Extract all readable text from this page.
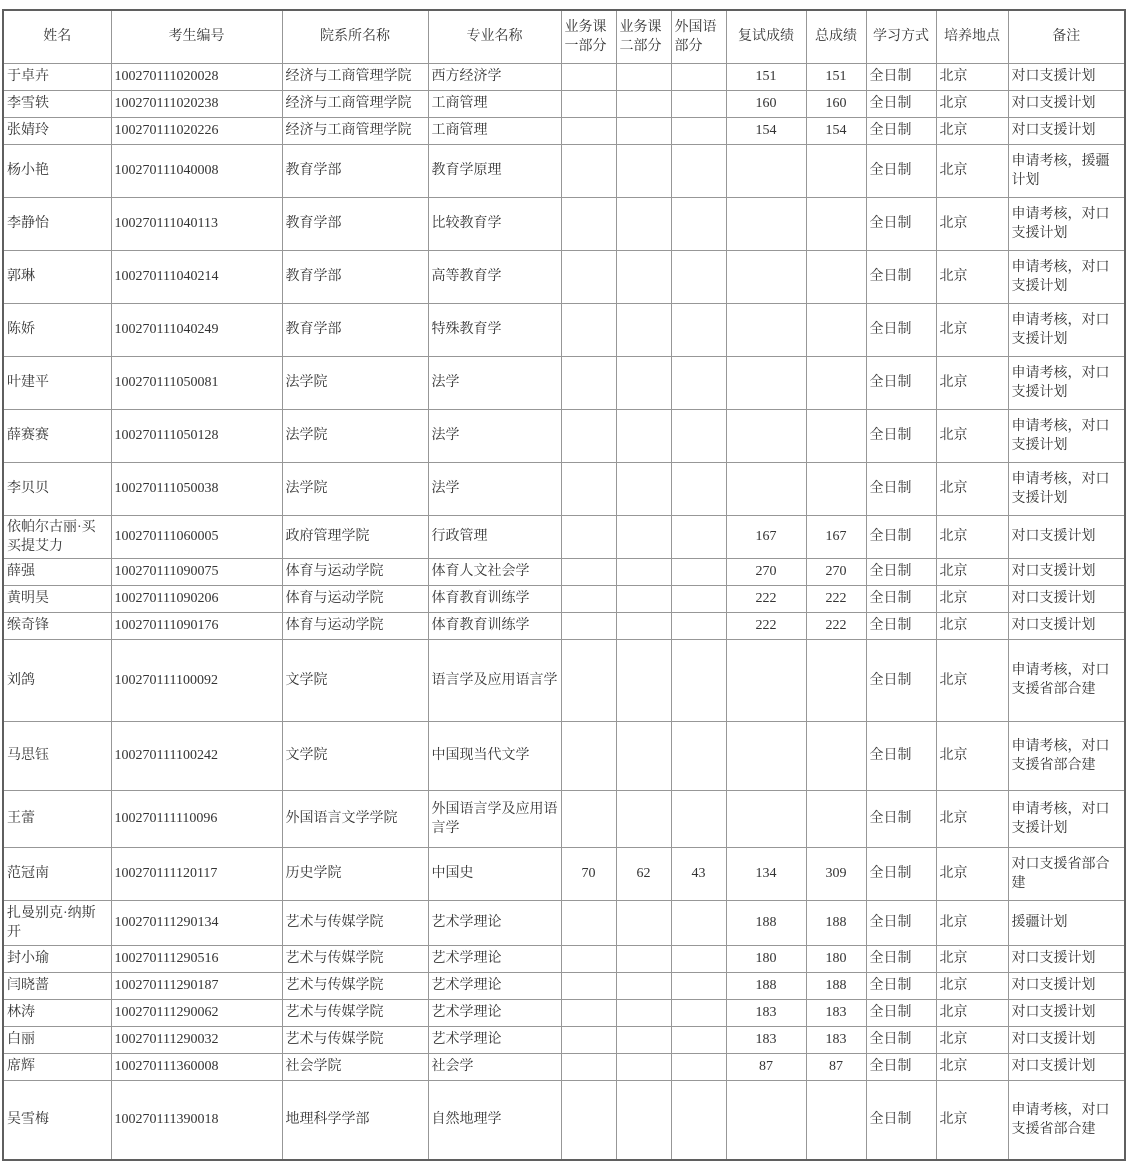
姓名	考生编号	院系所名称	专业名称	业务课一部分	业务课二部分	外国语部分	复试成绩	总成绩	学习方式	培养地点	备注
于卓卉	100270111020028	经济与工商管理学院	西方经济学				151	151	全日制	北京	对口支援计划
李雪轶	100270111020238	经济与工商管理学院	工商管理				160	160	全日制	北京	对口支援计划
张婧玲	100270111020226	经济与工商管理学院	工商管理				154	154	全日制	北京	对口支援计划
杨小艳	100270111040008	教育学部	教育学原理						全日制	北京	申请考核，援疆计划
李静怡	100270111040113	教育学部	比较教育学						全日制	北京	申请考核，对口支援计划
郭琳	100270111040214	教育学部	高等教育学						全日制	北京	申请考核，对口支援计划
陈娇	100270111040249	教育学部	特殊教育学						全日制	北京	申请考核，对口支援计划
叶建平	100270111050081	法学院	法学						全日制	北京	申请考核，对口支援计划
薛赛赛	100270111050128	法学院	法学						全日制	北京	申请考核，对口支援计划
李贝贝	100270111050038	法学院	法学						全日制	北京	申请考核，对口支援计划
依帕尔古丽·买买提艾力	100270111060005	政府管理学院	行政管理				167	167	全日制	北京	对口支援计划
薛强	100270111090075	体育与运动学院	体育人文社会学				270	270	全日制	北京	对口支援计划
黄明昊	100270111090206	体育与运动学院	体育教育训练学				222	222	全日制	北京	对口支援计划
缑奇锋	100270111090176	体育与运动学院	体育教育训练学				222	222	全日制	北京	对口支援计划
刘鸽	100270111100092	文学院	语言学及应用语言学						全日制	北京	申请考核，对口支援省部合建
马思钰	100270111100242	文学院	中国现当代文学						全日制	北京	申请考核，对口支援省部合建
王蕾	100270111110096	外国语言文学学院	外国语言学及应用语言学						全日制	北京	申请考核，对口支援计划
范冠南	100270111120117	历史学院	中国史	70	62	43	134	309	全日制	北京	对口支援省部合建
扎曼别克·纳斯开	100270111290134	艺术与传媒学院	艺术学理论				188	188	全日制	北京	援疆计划
封小瑜	100270111290516	艺术与传媒学院	艺术学理论				180	180	全日制	北京	对口支援计划
闫晓蔷	100270111290187	艺术与传媒学院	艺术学理论				188	188	全日制	北京	对口支援计划
林涛	100270111290062	艺术与传媒学院	艺术学理论				183	183	全日制	北京	对口支援计划
白丽	100270111290032	艺术与传媒学院	艺术学理论				183	183	全日制	北京	对口支援计划
席辉	100270111360008	社会学院	社会学				87	87	全日制	北京	对口支援计划
吴雪梅	100270111390018	地理科学学部	自然地理学						全日制	北京	申请考核，对口支援省部合建
